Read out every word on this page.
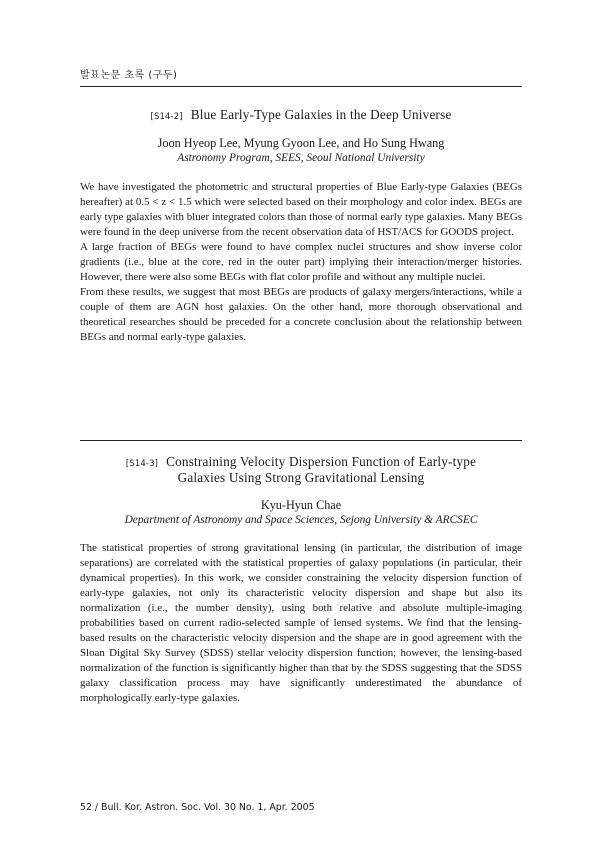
발표논문 초록 (구두)
[S14-2] Blue Early-Type Galaxies in the Deep Universe
Joon Hyeop Lee, Myung Gyoon Lee, and Ho Sung Hwang
Astronomy Program, SEES, Seoul National University

We have investigated the photometric and structural properties of Blue Early-type Galaxies (BEGs hereafter) at 0.5 < z < 1.5 which were selected based on their morphology and color index. BEGs are early type galaxies with bluer integrated colors than those of normal early type galaxies. Many BEGs were found in the deep universe from the recent observation data of HST/ACS for GOODS project.

A large fraction of BEGs were found to have complex nuclei structures and show inverse color gradients (i.e., blue at the core, red in the outer part) implying their interaction/merger histories. However, there were also some BEGs with flat color profile and without any multiple nuclei.

From these results, we suggest that most BEGs are products of galaxy mergers/interactions, while a couple of them are AGN host galaxies. On the other hand, more thorough observational and theoretical researches should be preceded for a concrete conclusion about the relationship between BEGs and normal early-type galaxies.

[S14-3] Constraining Velocity Dispersion Function of Early-type
Galaxies Using Strong Gravitational Lensing
Kyu-Hyun Chae
Department of Astronomy and Space Sciences, Sejong University & ARCSEC

The statistical properties of strong gravitational lensing (in particular, the distribution of image separations) are correlated with the statistical properties of galaxy populations (in particular, their dynamical properties). In this work, we consider constraining the velocity dispersion function of early-type galaxies, not only its characteristic velocity dispersion and shape but also its normalization (i.e., the number density), using both relative and absolute multiple-imaging probabilities based on current radio-selected sample of lensed systems. We find that the lensing-based results on the characteristic velocity dispersion and the shape are in good agreement with the Sloan Digital Sky Survey (SDSS) stellar velocity dispersion function; however, the lensing-based normalization of the function is significantly higher than that by the SDSS suggesting that the SDSS galaxy classification process may have significantly underestimated the abundance of morphologically early-type galaxies.

52 / Bull. Kor. Astron. Soc. Vol. 30 No. 1, Apr. 2005
